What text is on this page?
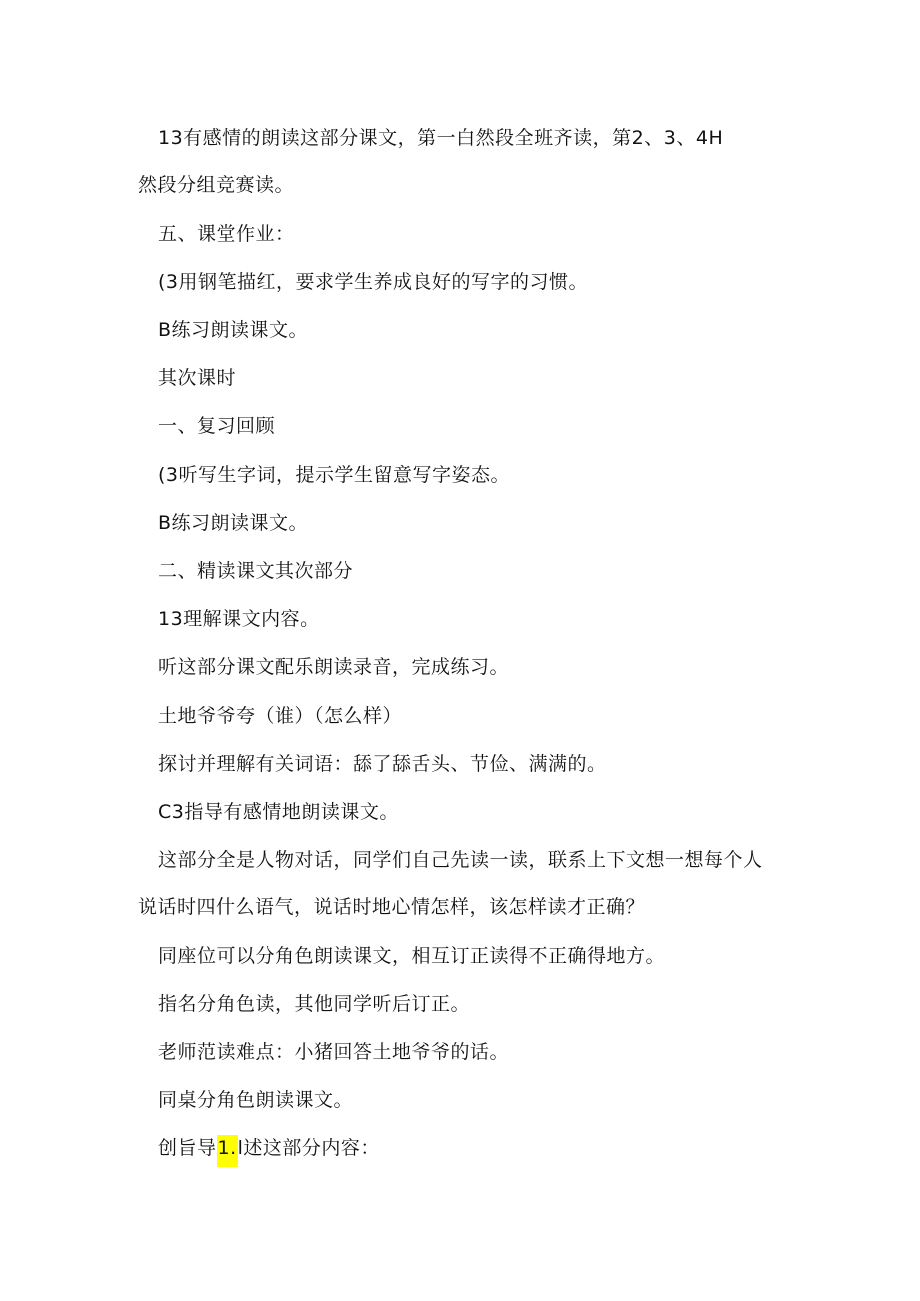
13有感情的朗读这部分课文，第一白然段全班齐读，第2、3、4H
然段分组竞赛读。
五、课堂作业：
(3用钢笔描红，要求学生养成良好的写字的习惯。
B练习朗读课文。
其次课时
一、复习回顾
(3听写生字词，提示学生留意写字姿态。
B练习朗读课文。
二、精读课文其次部分
13理解课文内容。
听这部分课文配乐朗读录音，完成练习。
土地爷爷夸（谁）（怎么样）
探讨并理解有关词语：舔了舔舌头、节俭、满满的。
C3指导有感情地朗读课文。
这部分全是人物对话，同学们自己先读一读，联系上下文想一想每个人
说话时四什么语气，说话时地心情怎样，该怎样读才正确？
同座位可以分角色朗读课文，相互订正读得不正确得地方。
指名分角色读，其他同学听后订正。
老师范读难点：小猪回答土地爷爷的话。
同桌分角色朗读课文。
创旨导1.l述这部分内容：
